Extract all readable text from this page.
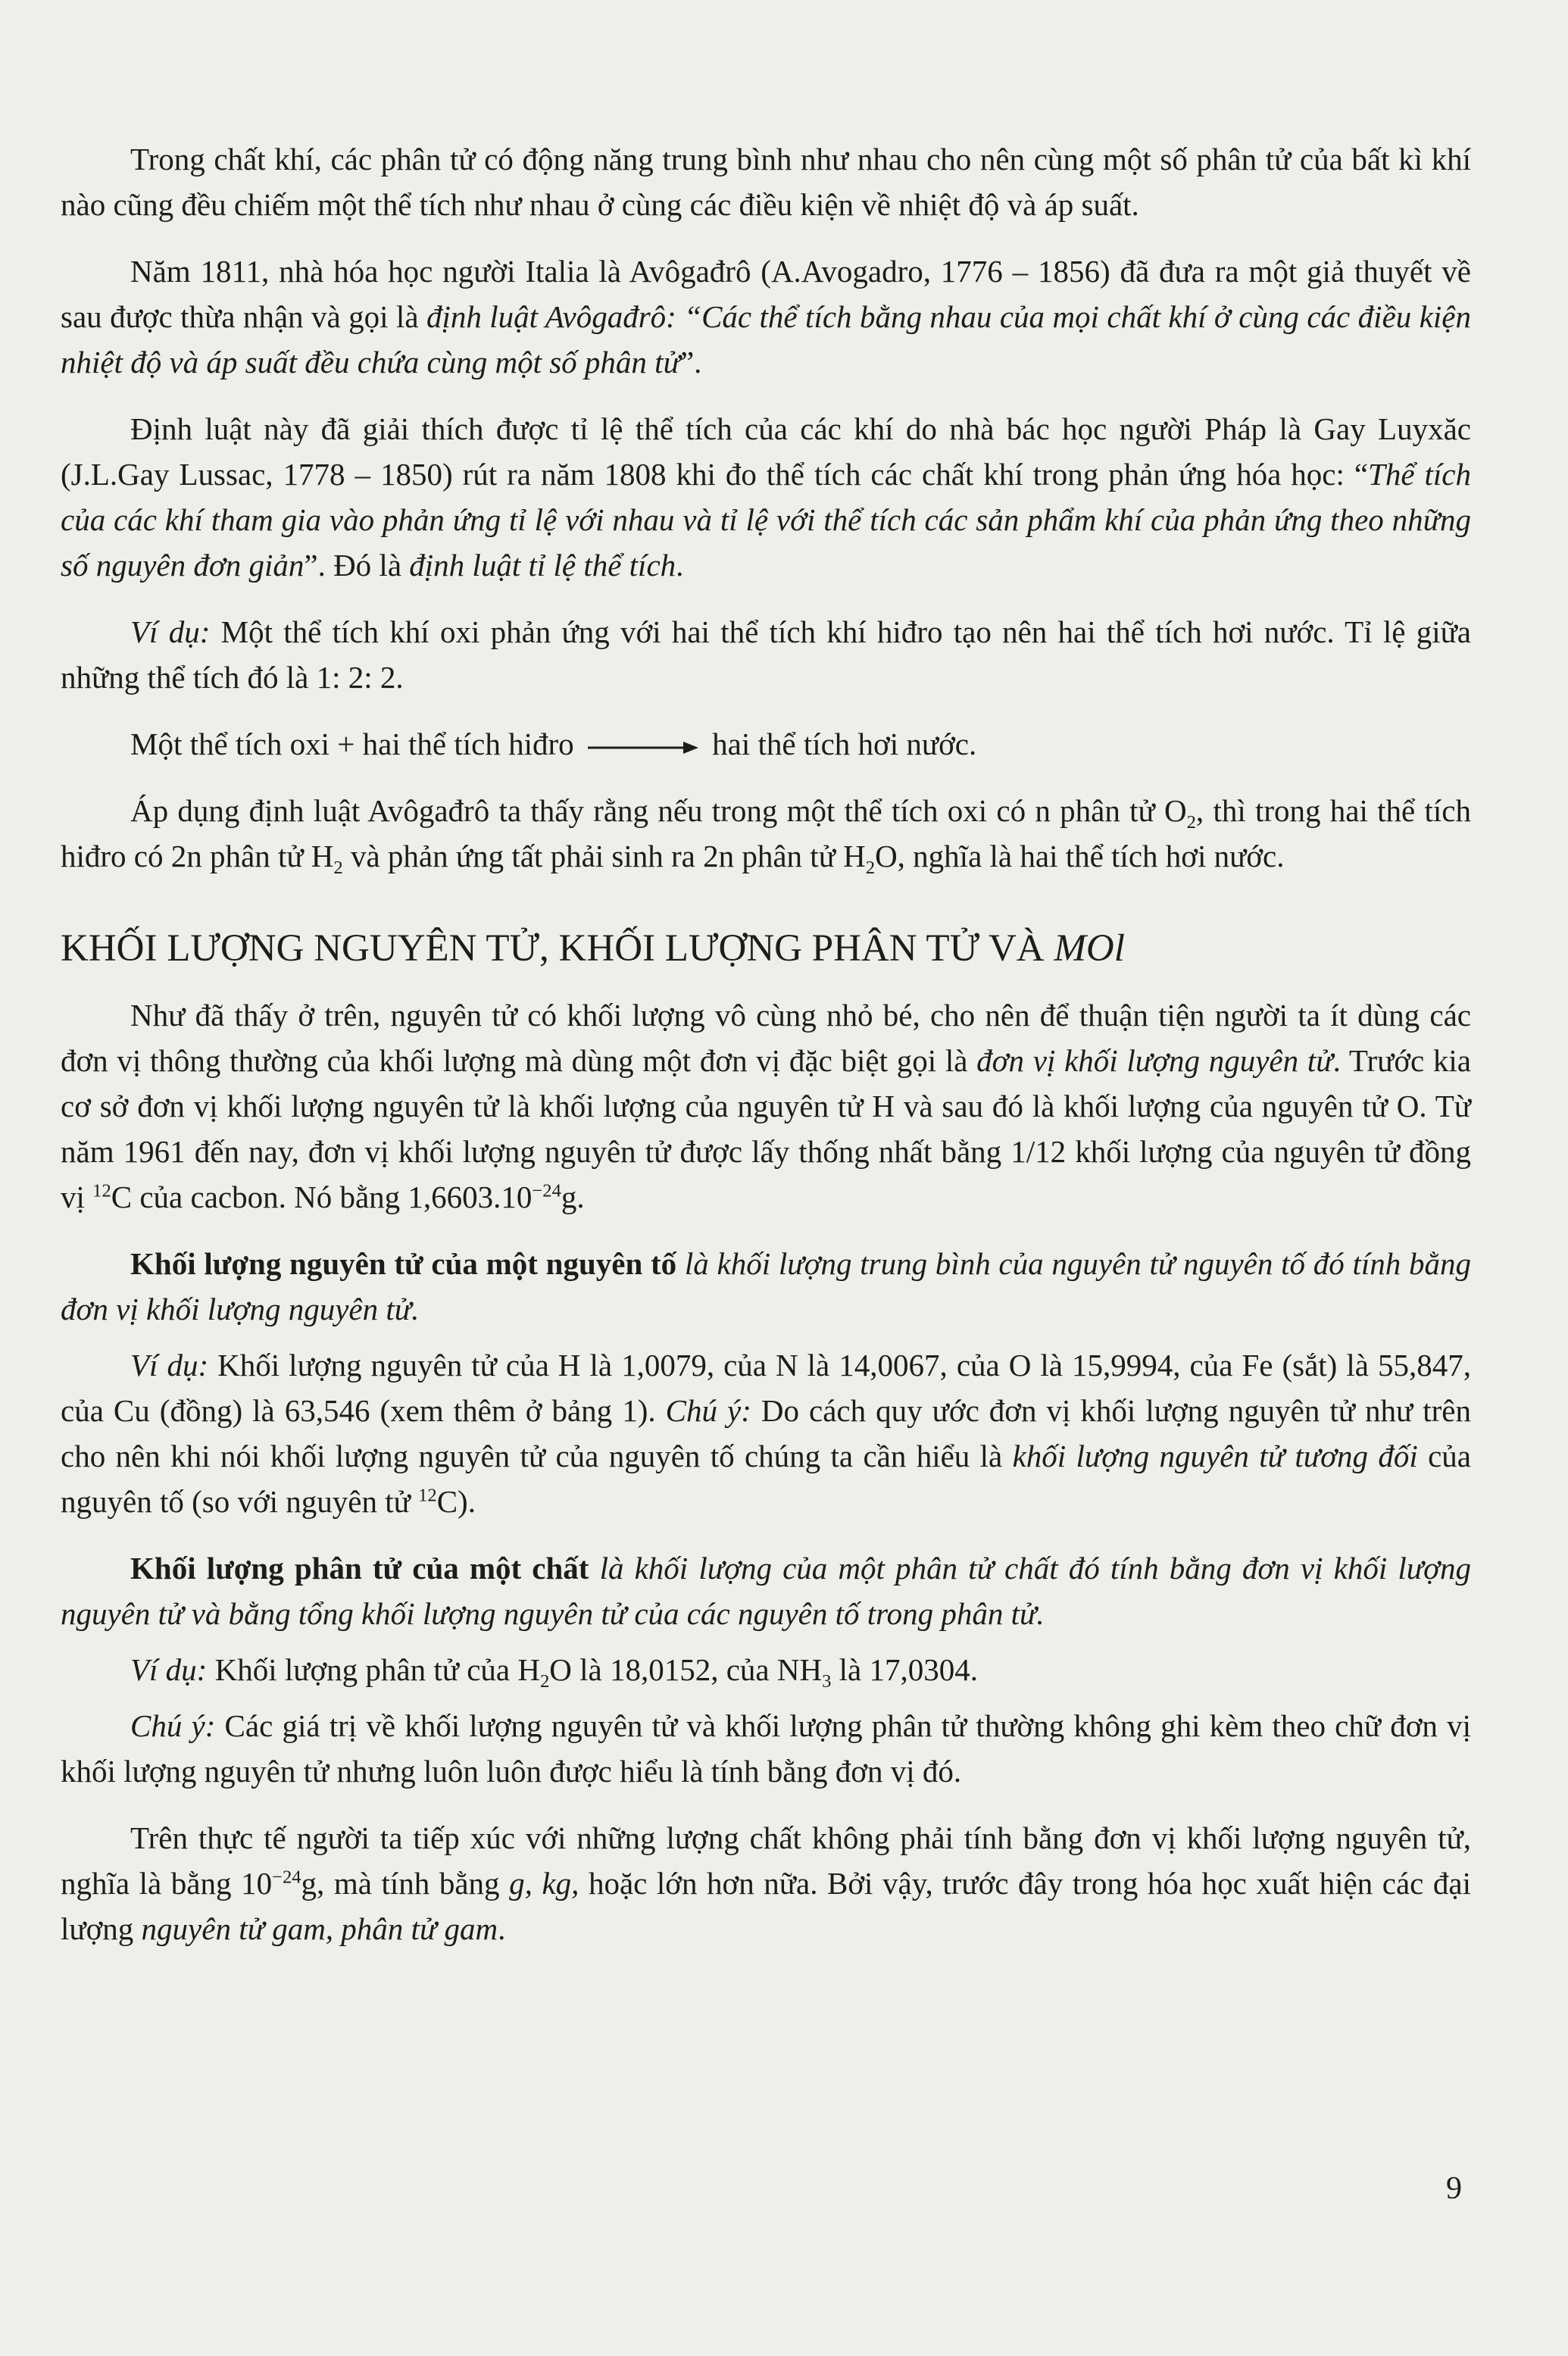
Trong chất khí, các phân tử có động năng trung bình như nhau cho nên cùng một số phân tử của bất kì khí nào cũng đều chiếm một thể tích như nhau ở cùng các điều kiện về nhiệt độ và áp suất.

Năm 1811, nhà hóa học người Italia là Avôgađrô (A.Avogadro, 1776 – 1856) đã đưa ra một giả thuyết về sau được thừa nhận và gọi là định luật Avôgađrô: “Các thể tích bằng nhau của mọi chất khí ở cùng các điều kiện nhiệt độ và áp suất đều chứa cùng một số phân tử”.

Định luật này đã giải thích được tỉ lệ thể tích của các khí do nhà bác học người Pháp là Gay Luyxăc (J.L.Gay Lussac, 1778 – 1850) rút ra năm 1808 khi đo thể tích các chất khí trong phản ứng hóa học: “Thể tích của các khí tham gia vào phản ứng tỉ lệ với nhau và tỉ lệ với thể tích các sản phẩm khí của phản ứng theo những số nguyên đơn giản”. Đó là định luật tỉ lệ thể tích.

Ví dụ: Một thể tích khí oxi phản ứng với hai thể tích khí hiđro tạo nên hai thể tích hơi nước. Tỉ lệ giữa những thể tích đó là 1: 2: 2.

Một thể tích oxi + hai thể tích hiđro	hai thể tích hơi nước.

Áp dụng định luật Avôgađrô ta thấy rằng nếu trong một thể tích oxi có n phân tử $O_2$, thì trong hai thể tích hiđro có 2n phân tử $H_2$ và phản ứng tất phải sinh ra 2n phân tử $H_2O$, nghĩa là hai thể tích hơi nước.

KHỐI LƯỢNG NGUYÊN TỬ, KHỐI LƯỢNG PHÂN TỬ VÀ MOl

Như đã thấy ở trên, nguyên tử có khối lượng vô cùng nhỏ bé, cho nên để thuận tiện người ta ít dùng các đơn vị thông thường của khối lượng mà dùng một đơn vị đặc biệt gọi là đơn vị khối lượng nguyên tử. Trước kia cơ sở đơn vị khối lượng nguyên tử là khối lượng của nguyên tử H và sau đó là khối lượng của nguyên tử O. Từ năm 1961 đến nay, đơn vị khối lượng nguyên tử được lấy thống nhất bằng 1/12 khối lượng của nguyên tử đồng vị $^{12}$C của cacbon. Nó bằng $1,6603.10^{-24}g$.

Khối lượng nguyên tử của một nguyên tố là khối lượng trung bình của nguyên tử nguyên tố đó tính bằng đơn vị khối lượng nguyên tử.

Ví dụ: Khối lượng nguyên tử của H là 1,0079, của N là 14,0067, của O là 15,9994, của Fe (sắt) là 55,847, của Cu (đồng) là 63,546 (xem thêm ở bảng 1). Chú ý: Do cách quy ước đơn vị khối lượng nguyên tử như trên cho nên khi nói khối lượng nguyên tử của nguyên tố chúng ta cần hiểu là khối lượng nguyên tử tương đối của nguyên tố (so với nguyên tử $^{12}$C).

Khối lượng phân tử của một chất là khối lượng của một phân tử chất đó tính bằng đơn vị khối lượng nguyên tử và bằng tổng khối lượng nguyên tử của các nguyên tố trong phân tử.

Ví dụ: Khối lượng phân tử của $H_2O$ là 18,0152, của $NH_3$ là 17,0304.

Chú ý: Các giá trị về khối lượng nguyên tử và khối lượng phân tử thường không ghi kèm theo chữ đơn vị khối lượng nguyên tử nhưng luôn luôn được hiểu là tính bằng đơn vị đó.

Trên thực tế người ta tiếp xúc với những lượng chất không phải tính bằng đơn vị khối lượng nguyên tử, nghĩa là bằng $10^{-24}g$, mà tính bằng g, kg, hoặc lớn hơn nữa. Bởi vậy, trước đây trong hóa học xuất hiện các đại lượng nguyên tử gam, phân tử gam.

9
